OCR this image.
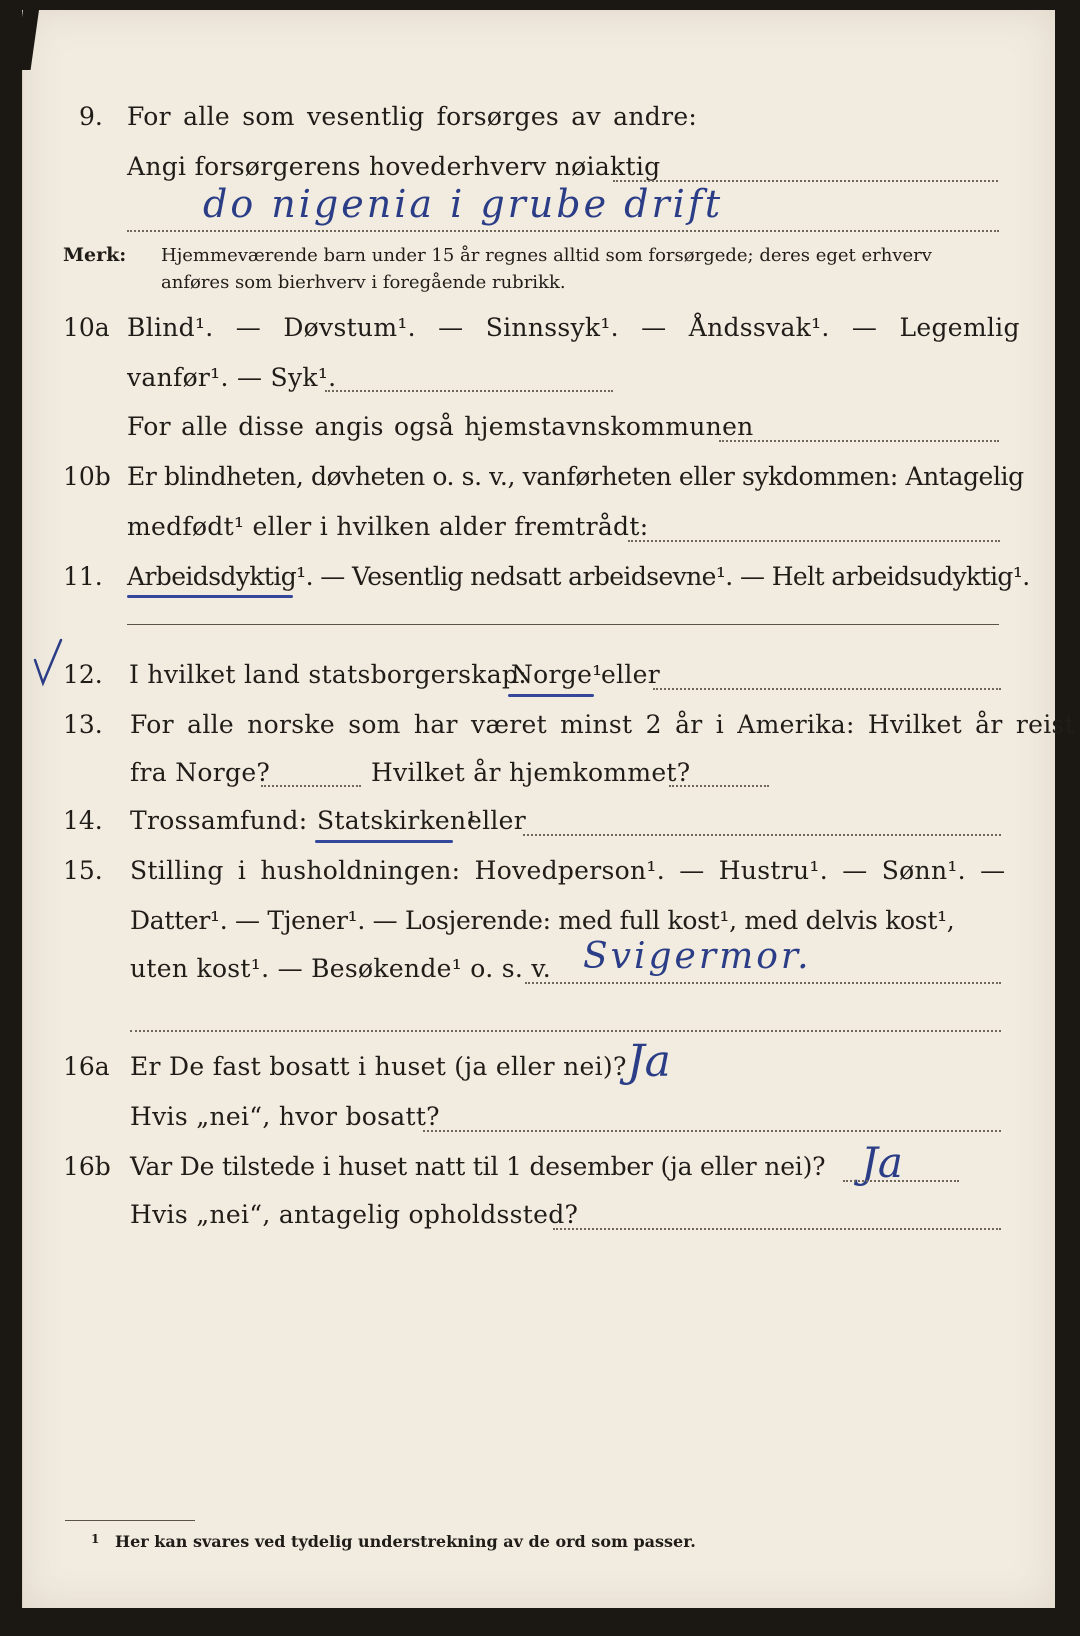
9. For alle som vesentlig forsørges av andre:
Angi forsørgerens hovederhverv nøiaktig
do nigenia i grube drift
Merk: Hjemmeværende barn under 15 år regnes alltid som forsørgede; deres eget erhverv
anføres som bierhverv i foregående rubrikk.
10a Blind¹. — Døvstum¹. — Sinnssyk¹. — Åndssvak¹. — Legemlig
vanfør¹. — Syk¹.
For alle disse angis også hjemstavnskommunen
10b Er blindheten, døvheten o. s. v., vanførheten eller sykdommen: Antagelig
medfødt¹ eller i hvilken alder fremtrådt:
11. Arbeidsdyktig¹. — Vesentlig nedsatt arbeidsevne¹. — Helt arbeidsudyktig¹.
12. I hvilket land statsborgerskap:
Norge¹
eller
13. For alle norske som har været minst 2 år i Amerika: Hvilket år reist
fra Norge?	Hvilket år hjemkommet?
14. Trossamfund: Statskirken¹
eller
15. Stilling i husholdningen: Hovedperson¹. — Hustru¹. — Sønn¹. —
Datter¹. — Tjener¹. — Losjerende: med full kost¹, med delvis kost¹,
uten kost¹. — Besøkende¹ o. s. v. Svigermor.
16a Er De fast bosatt i huset (ja eller nei)? Ja
Hvis „nei“, hvor bosatt?
16b Var De tilstede i huset natt til 1 desember (ja eller nei)? Ja
Hvis „nei“, antagelig opholdssted?
1 Her kan svares ved tydelig understrekning av de ord som passer.
